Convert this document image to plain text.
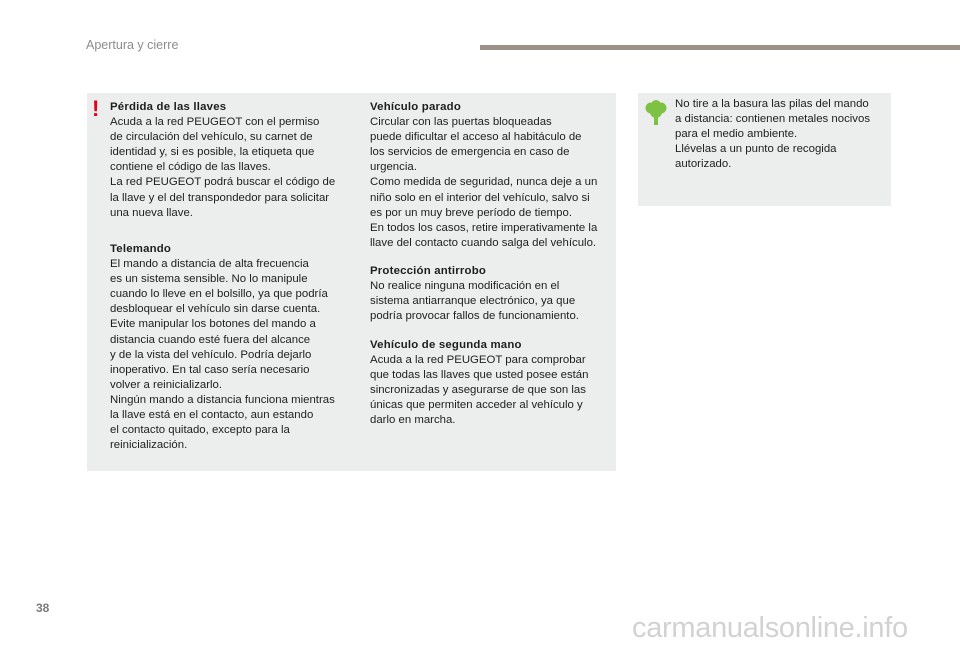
Apertura y cierre
! Pérdida de las llaves
Acuda a la red PEUGEOT con el permiso
de circulación del vehículo, su carnet de
identidad y, si es posible, la etiqueta que
contiene el código de las llaves.
La red PEUGEOT podrá buscar el código de
la llave y el del transpondedor para solicitar
una nueva llave.
Telemando
El mando a distancia de alta frecuencia
es un sistema sensible. No lo manipule
cuando lo lleve en el bolsillo, ya que podría
desbloquear el vehículo sin darse cuenta.
Evite manipular los botones del mando a
distancia cuando esté fuera del alcance
y de la vista del vehículo. Podría dejarlo
inoperativo. En tal caso sería necesario
volver a reinicializarlo.
Ningún mando a distancia funciona mientras
la llave está en el contacto, aun estando
el contacto quitado, excepto para la
reinicialización.
Vehículo parado
Circular con las puertas bloqueadas
puede dificultar el acceso al habitáculo de
los servicios de emergencia en caso de
urgencia.
Como medida de seguridad, nunca deje a un
niño solo en el interior del vehículo, salvo si
es por un muy breve período de tiempo.
En todos los casos, retire imperativamente la
llave del contacto cuando salga del vehículo.
Protección antirrobo
No realice ninguna modificación en el
sistema antiarranque electrónico, ya que
podría provocar fallos de funcionamiento.
Vehículo de segunda mano
Acuda a la red PEUGEOT para comprobar
que todas las llaves que usted posee están
sincronizadas y asegurarse de que son las
únicas que permiten acceder al vehículo y
darlo en marcha.
No tire a la basura las pilas del mando
a distancia: contienen metales nocivos
para el medio ambiente.
Llévelas a un punto de recogida
autorizado.
38
carmanualsonline.info
